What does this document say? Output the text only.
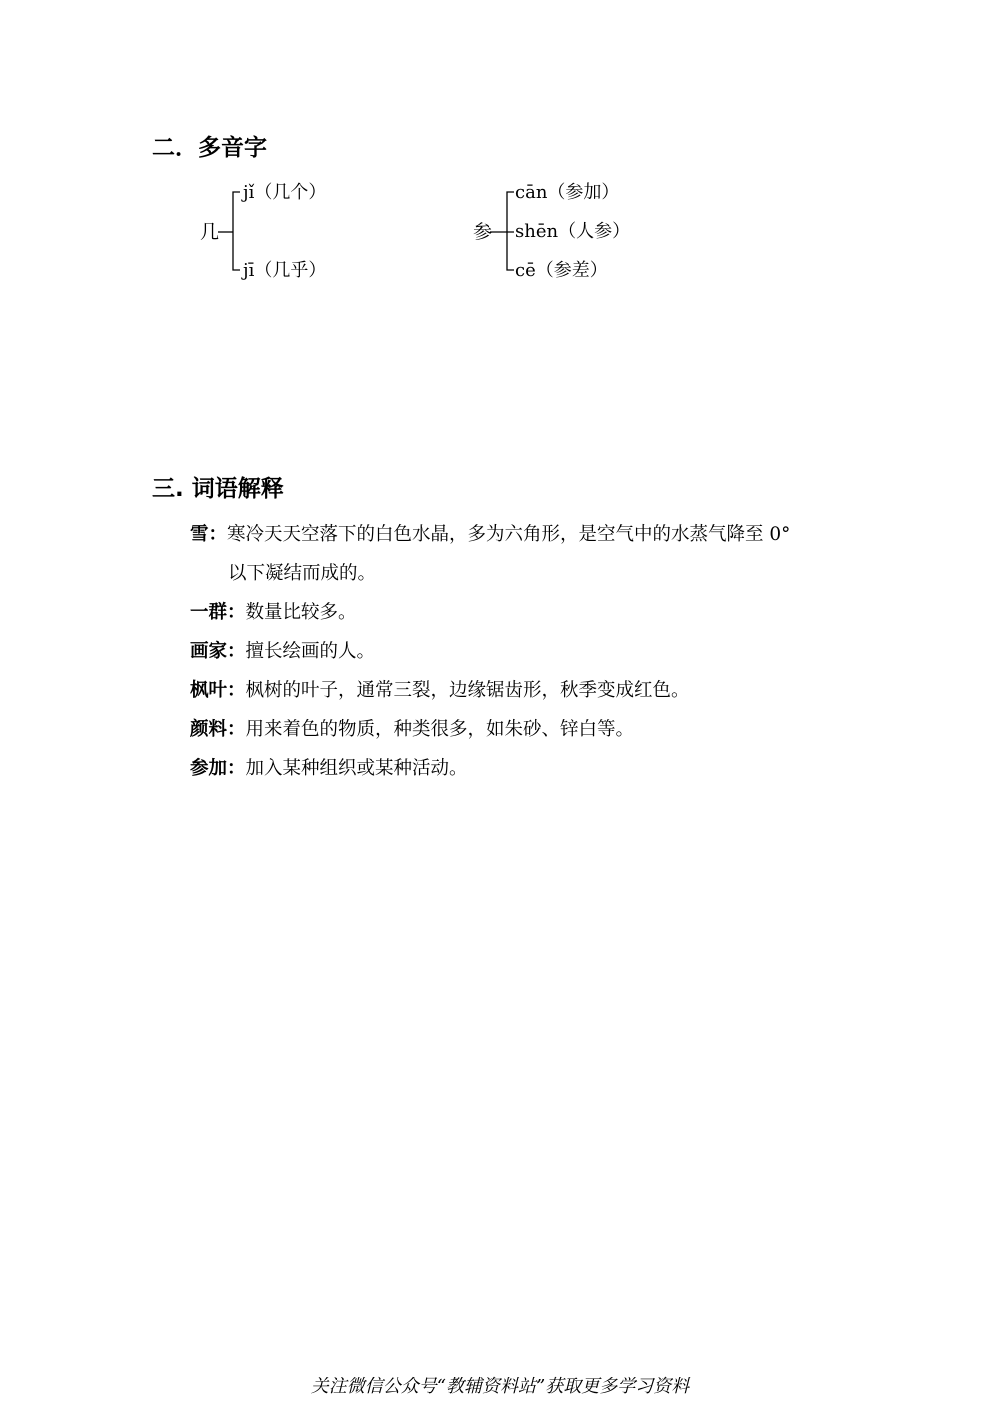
二．多音字
几
jǐ（几个）
jī（几乎）
参
cān（参加）
shēn（人参）
cē（参差）
三. 词语解释
雪：寒冷天天空落下的白色水晶，多为六角形，是空气中的水蒸气降至 0°
以下凝结而成的。
一群：数量比较多。
画家：擅长绘画的人。
枫叶：枫树的叶子，通常三裂，边缘锯齿形，秋季变成红色。
颜料：用来着色的物质，种类很多，如朱砂、锌白等。
参加：加入某种组织或某种活动。
关注微信公众号“教辅资料站”获取更多学习资料
